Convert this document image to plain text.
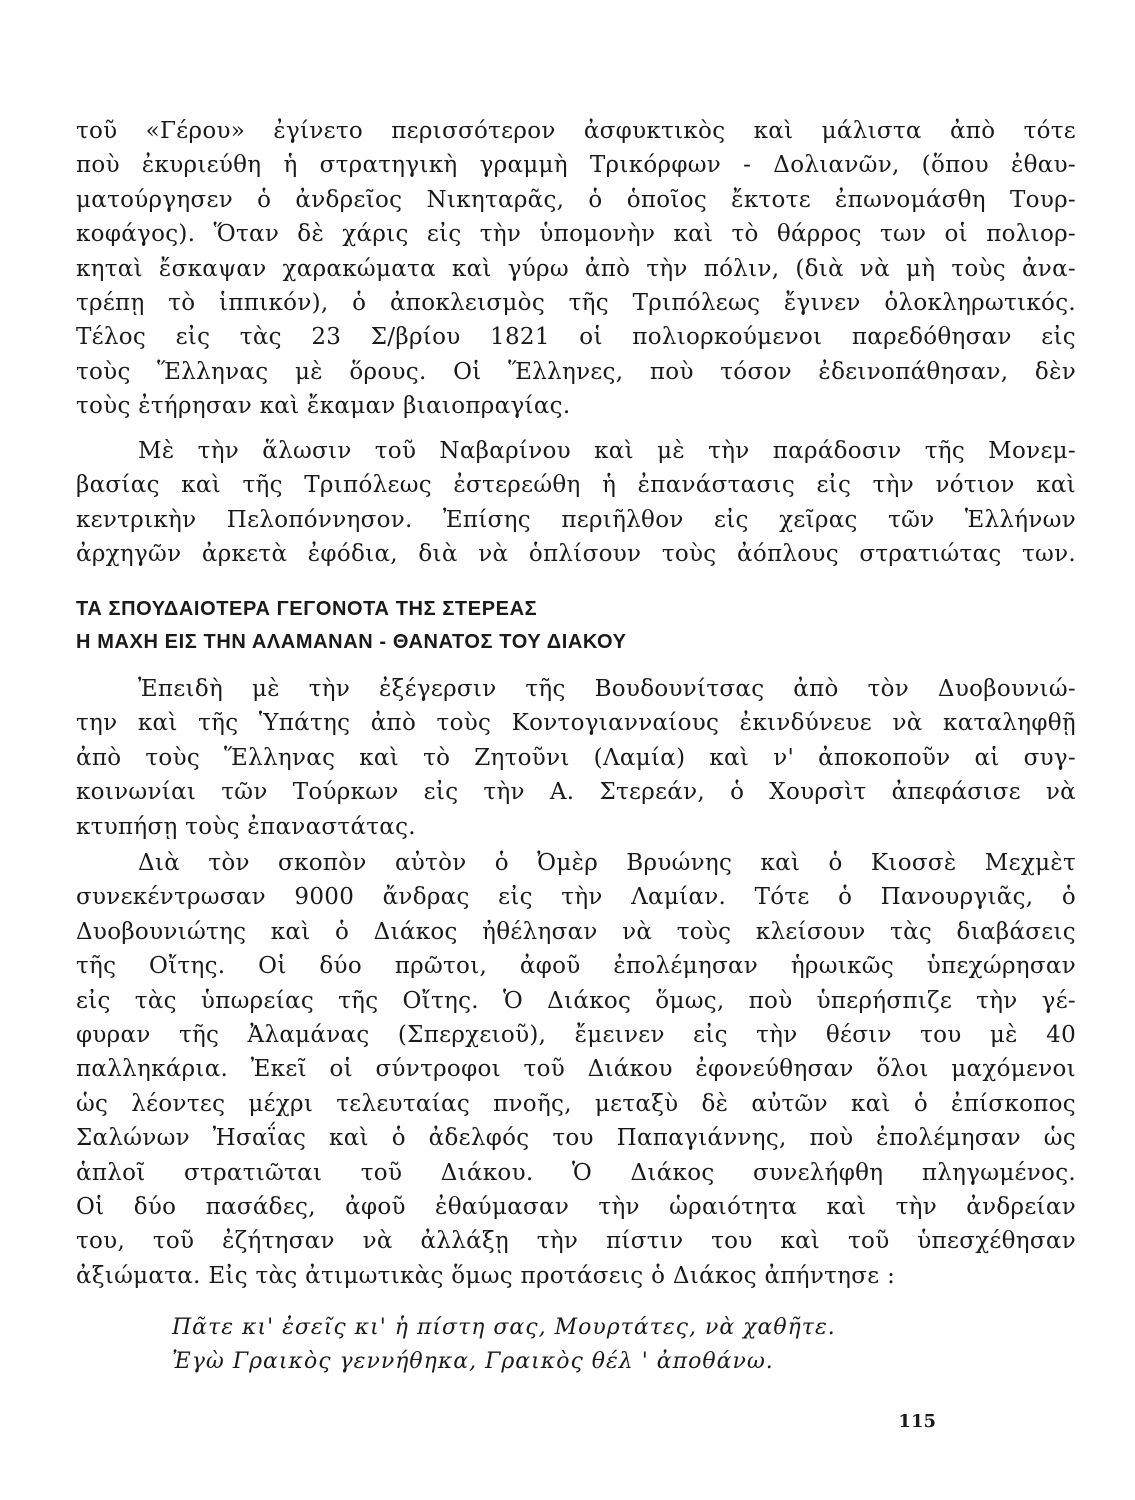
τοῦ «Γέρου» ἐγίνετο περισσότερον ἀσφυκτικὸς καὶ μάλιστα ἀπὸ τότε
ποὺ ἐκυριεύθη ἡ στρατηγικὴ γραμμὴ Τρικόρφων - Δολιανῶν, (ὅπου ἐθαυ-
ματούργησεν ὁ ἀνδρεῖος Νικηταρᾶς, ὁ ὁποῖος ἔκτοτε ἐπωνομάσθη Τουρ-
κοφάγος). Ὅταν δὲ χάρις εἰς τὴν ὑπομονὴν καὶ τὸ θάρρος των οἱ πολιορ-
κηταὶ ἔσκαψαν χαρακώματα καὶ γύρω ἀπὸ τὴν πόλιν, (διὰ νὰ μὴ τοὺς ἀνα-
τρέπῃ τὸ ἱππικόν), ὁ ἀποκλεισμὸς τῆς Τριπόλεως ἔγινεν ὁλοκληρωτικός.
Τέλος εἰς τὰς 23 Σ/βρίου 1821 οἱ πολιορκούμενοι παρεδόθησαν εἰς
τοὺς Ἕλληνας μὲ ὅρους. Οἱ Ἕλληνες, ποὺ τόσον ἐδεινοπάθησαν, δὲν
τοὺς ἐτήρησαν καὶ ἔκαμαν βιαιοπραγίας.
Μὲ τὴν ἅλωσιν τοῦ Ναβαρίνου καὶ μὲ τὴν παράδοσιν τῆς Μονεμ-
βασίας καὶ τῆς Τριπόλεως ἐστερεώθη ἡ ἐπανάστασις εἰς τὴν νότιον καὶ
κεντρικὴν Πελοπόννησον. Ἐπίσης περιῆλθον εἰς χεῖρας τῶν Ἑλλήνων
ἀρχηγῶν ἀρκετὰ ἐφόδια, διὰ νὰ ὁπλίσουν τοὺς ἀόπλους στρατιώτας των.
ΤΑ ΣΠΟΥΔΑΙΟΤΕΡΑ ΓΕΓΟΝΟΤΑ ΤΗΣ ΣΤΕΡΕΑΣ
Η ΜΑΧΗ ΕΙΣ ΤΗΝ ΑΛΑΜΑΝΑΝ - ΘΑΝΑΤΟΣ ΤΟΥ ΔΙΑΚΟΥ
Ἐπειδὴ μὲ τὴν ἐξέγερσιν τῆς Βουδουνίτσας ἀπὸ τὸν Δυοβουνιώ-
την καὶ τῆς Ὑπάτης ἀπὸ τοὺς Κοντογιανναίους ἐκινδύνευε νὰ καταληφθῇ
ἀπὸ τοὺς Ἕλληνας καὶ τὸ Ζητοῦνι (Λαμία) καὶ ν' ἀποκοποῦν αἱ συγ-
κοινωνίαι τῶν Τούρκων εἰς τὴν Α. Στερεάν, ὁ Χουρσὶτ ἀπεφάσισε νὰ
κτυπήσῃ τοὺς ἐπαναστάτας.
Διὰ τὸν σκοπὸν αὐτὸν ὁ Ὀμὲρ Βρυώνης καὶ ὁ Κιοσσὲ Μεχμὲτ
συνεκέντρωσαν 9000 ἄνδρας εἰς τὴν Λαμίαν. Τότε ὁ Πανουργιᾶς, ὁ
Δυοβουνιώτης καὶ ὁ Διάκος ἠθέλησαν νὰ τοὺς κλείσουν τὰς διαβάσεις
τῆς Οἴτης. Οἱ δύο πρῶτοι, ἀφοῦ ἐπολέμησαν ἡρωικῶς ὑπεχώρησαν
εἰς τὰς ὑπωρείας τῆς Οἴτης. Ὁ Διάκος ὅμως, ποὺ ὑπερήσπιζε τὴν γέ-
φυραν τῆς Ἀλαμάνας (Σπερχειοῦ), ἔμεινεν εἰς τὴν θέσιν του μὲ 40
παλληκάρια. Ἐκεῖ οἱ σύντροφοι τοῦ Διάκου ἐφονεύθησαν ὅλοι μαχόμενοι
ὡς λέοντες μέχρι τελευταίας πνοῆς, μεταξὺ δὲ αὐτῶν καὶ ὁ ἐπίσκοπος
Σαλώνων Ἠσαΐας καὶ ὁ ἀδελφός του Παπαγιάννης, ποὺ ἐπολέμησαν ὡς
ἁπλοῖ στρατιῶται τοῦ Διάκου. Ὁ Διάκος συνελήφθη πληγωμένος.
Οἱ δύο πασάδες, ἀφοῦ ἐθαύμασαν τὴν ὡραιότητα καὶ τὴν ἀνδρείαν
του, τοῦ ἐζήτησαν νὰ ἀλλάξῃ τὴν πίστιν του καὶ τοῦ ὑπεσχέθησαν
ἀξιώματα. Εἰς τὰς ἀτιμωτικὰς ὅμως προτάσεις ὁ Διάκος ἀπήντησε :
Πᾶτε κι' ἐσεῖς κι' ἡ πίστη σας, Μουρτάτες, νὰ χαθῆτε.
Ἐγὼ Γραικὸς γεννήθηκα, Γραικὸς θέλ ' ἀποθάνω.
115
